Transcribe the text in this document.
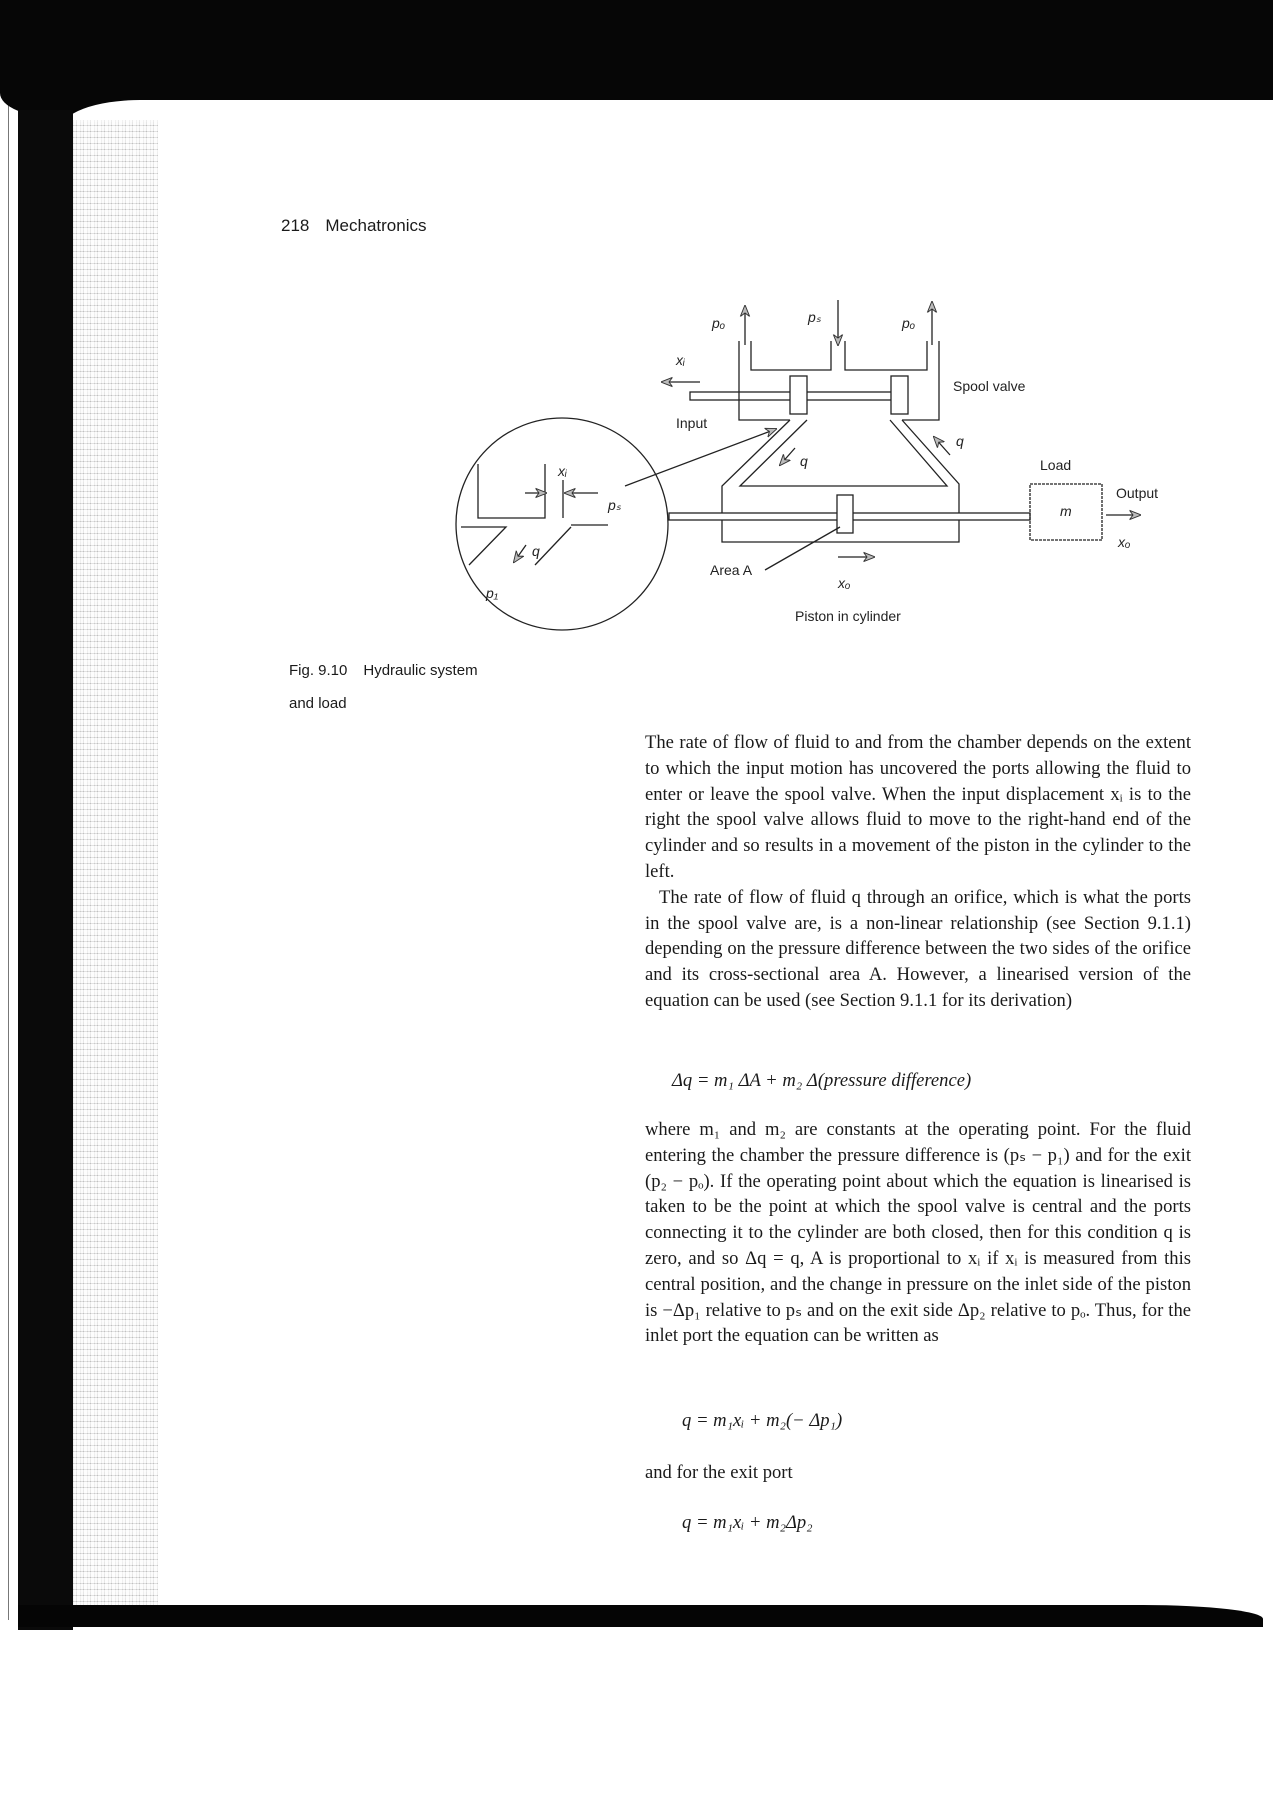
218 Mechatronics
pₒ	pₛ	pₒ
xᵢ
Input
Spool valve
q
q
Load
m
Output
xₒ
Area A
xₒ
Piston in cylinder
xᵢ
pₛ
q
p₁
Fig. 9.10 Hydraulic system
and load
The rate of flow of fluid to and from the chamber depends on the extent to which the input motion has uncovered the ports allowing the fluid to enter or leave the spool valve. When the input displacement xᵢ is to the right the spool valve allows fluid to move to the right-hand end of the cylinder and so results in a movement of the piston in the cylinder to the left.
The rate of flow of fluid q through an orifice, which is what the ports in the spool valve are, is a non-linear relationship (see Section 9.1.1) depending on the pressure difference between the two sides of the orifice and its cross-sectional area A. However, a linearised version of the equation can be used (see Section 9.1.1 for its derivation)
Δq = m₁ ΔA + m₂ Δ(pressure difference)
where m₁ and m₂ are constants at the operating point. For the fluid entering the chamber the pressure difference is (pₛ − p₁) and for the exit (p₂ − pₒ). If the operating point about which the equation is linearised is taken to be the point at which the spool valve is central and the ports connecting it to the cylinder are both closed, then for this condition q is zero, and so Δq = q, A is proportional to xᵢ if xᵢ is measured from this central position, and the change in pressure on the inlet side of the piston is −Δp₁ relative to pₛ and on the exit side Δp₂ relative to pₒ. Thus, for the inlet port the equation can be written as
q = m₁xᵢ + m₂(− Δp₁)
and for the exit port
q = m₁xᵢ + m₂Δp₂
